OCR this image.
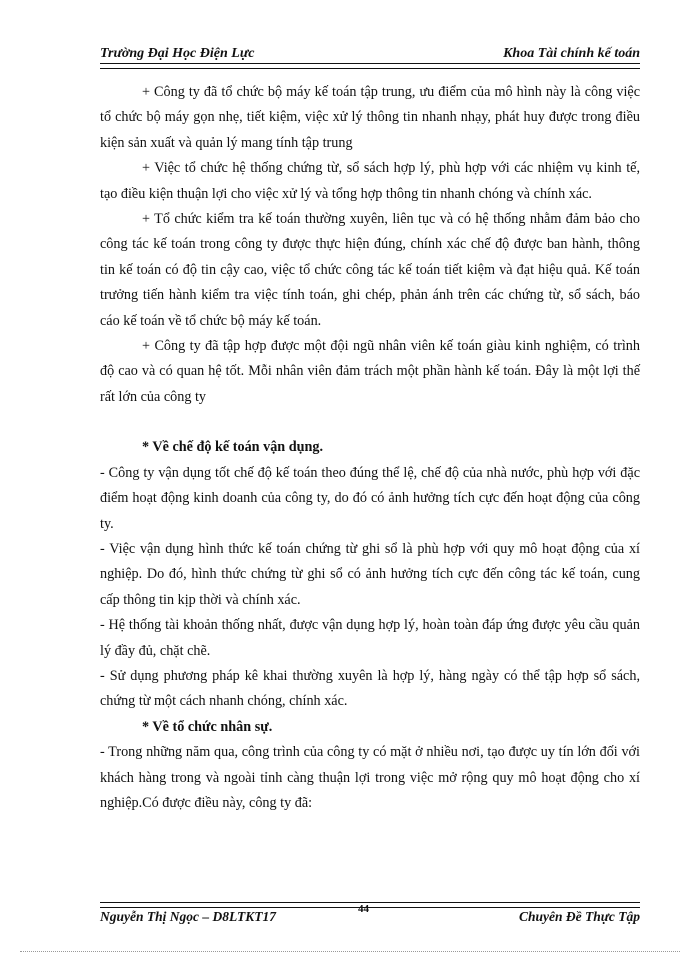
Trường Đại Học Điện Lực	Khoa Tài chính kế toán

+ Công ty đã tổ chức bộ máy kế toán tập trung, ưu điểm của mô hình này là công việc tổ chức bộ máy gọn nhẹ, tiết kiệm, việc xử lý thông tin nhanh nhạy, phát huy được trong điều kiện sản xuất và quản lý mang tính tập trung

+ Việc tổ chức hệ thống chứng từ, sổ sách hợp lý, phù hợp với các nhiệm vụ kinh tế, tạo điều kiện thuận lợi cho việc xử lý và tổng hợp thông tin nhanh chóng và chính xác.

+ Tổ chức kiểm tra kế toán thường xuyên, liên tục và có hệ thống nhằm đảm bảo cho công tác kế toán trong công ty được thực hiện đúng, chính xác chế độ được ban hành, thông tin kế toán có độ tin cậy cao, việc tổ chức công tác kế toán tiết kiệm và đạt hiệu quả. Kế toán trưởng tiến hành kiểm tra việc tính toán, ghi chép, phản ánh trên các chứng từ, sổ sách, báo cáo kế toán về tổ chức bộ máy kế toán.

+ Công ty đã tập hợp được một đội ngũ nhân viên kế toán giàu kinh nghiệm, có trình độ cao và có quan hệ tốt. Mỗi nhân viên đảm trách một phần hành kế toán. Đây là một lợi thế rất lớn của công ty

* Về chế độ kế toán vận dụng.

- Công ty vận dụng tốt chế độ kế toán theo đúng thể lệ, chế độ của nhà nước, phù hợp với đặc điểm hoạt động kinh doanh của công ty, do đó có ảnh hưởng tích cực đến hoạt động của công ty.

- Việc vận dụng hình thức kế toán chứng từ ghi sổ là phù hợp với quy mô hoạt động của xí nghiệp. Do đó, hình thức chứng từ ghi sổ có ảnh hưởng tích cực đến công tác kế toán, cung cấp thông tin kịp thời và chính xác.

- Hệ thống tài khoản thống nhất, được vận dụng hợp lý, hoàn toàn đáp ứng được yêu cầu quản lý đầy đủ, chặt chẽ.

- Sử dụng phương pháp kê khai thường xuyên là hợp lý, hàng ngày có thể tập hợp sổ sách, chứng từ một cách nhanh chóng, chính xác.

* Về tổ chức nhân sự.

- Trong những năm qua, công trình của công ty có mặt ở nhiều nơi, tạo được uy tín lớn đối với khách hàng trong và ngoài tỉnh càng thuận lợi trong việc mở rộng quy mô hoạt động cho xí nghiệp.Có được điều này, công ty đã:

Nguyễn Thị Ngọc – D8LTKT17	44	Chuyên Đề Thực Tập
